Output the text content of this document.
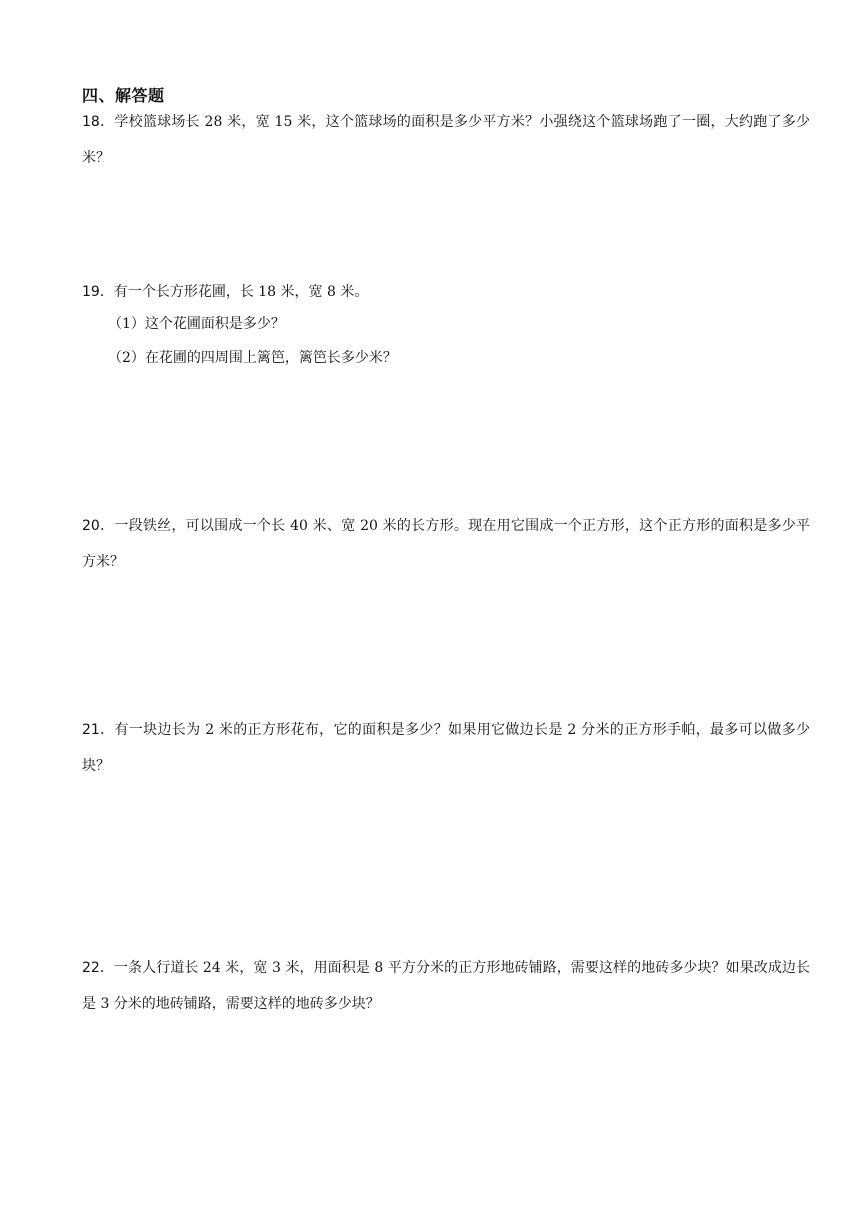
四、解答题
18．学校篮球场长 28 米，宽 15 米，这个篮球场的面积是多少平方米？小强绕这个篮球场跑了一圈，大约跑了多少米？
19．有一个长方形花圃，长 18 米，宽 8 米。
（1）这个花圃面积是多少？
（2）在花圃的四周围上篱笆，篱笆长多少米？
20．一段铁丝，可以围成一个长 40 米、宽 20 米的长方形。现在用它围成一个正方形，这个正方形的面积是多少平方米？
21．有一块边长为 2 米的正方形花布，它的面积是多少？如果用它做边长是 2 分米的正方形手帕，最多可以做多少块？
22．一条人行道长 24 米，宽 3 米，用面积是 8 平方分米的正方形地砖铺路，需要这样的地砖多少块？如果改成边长是 3 分米的地砖铺路，需要这样的地砖多少块？
